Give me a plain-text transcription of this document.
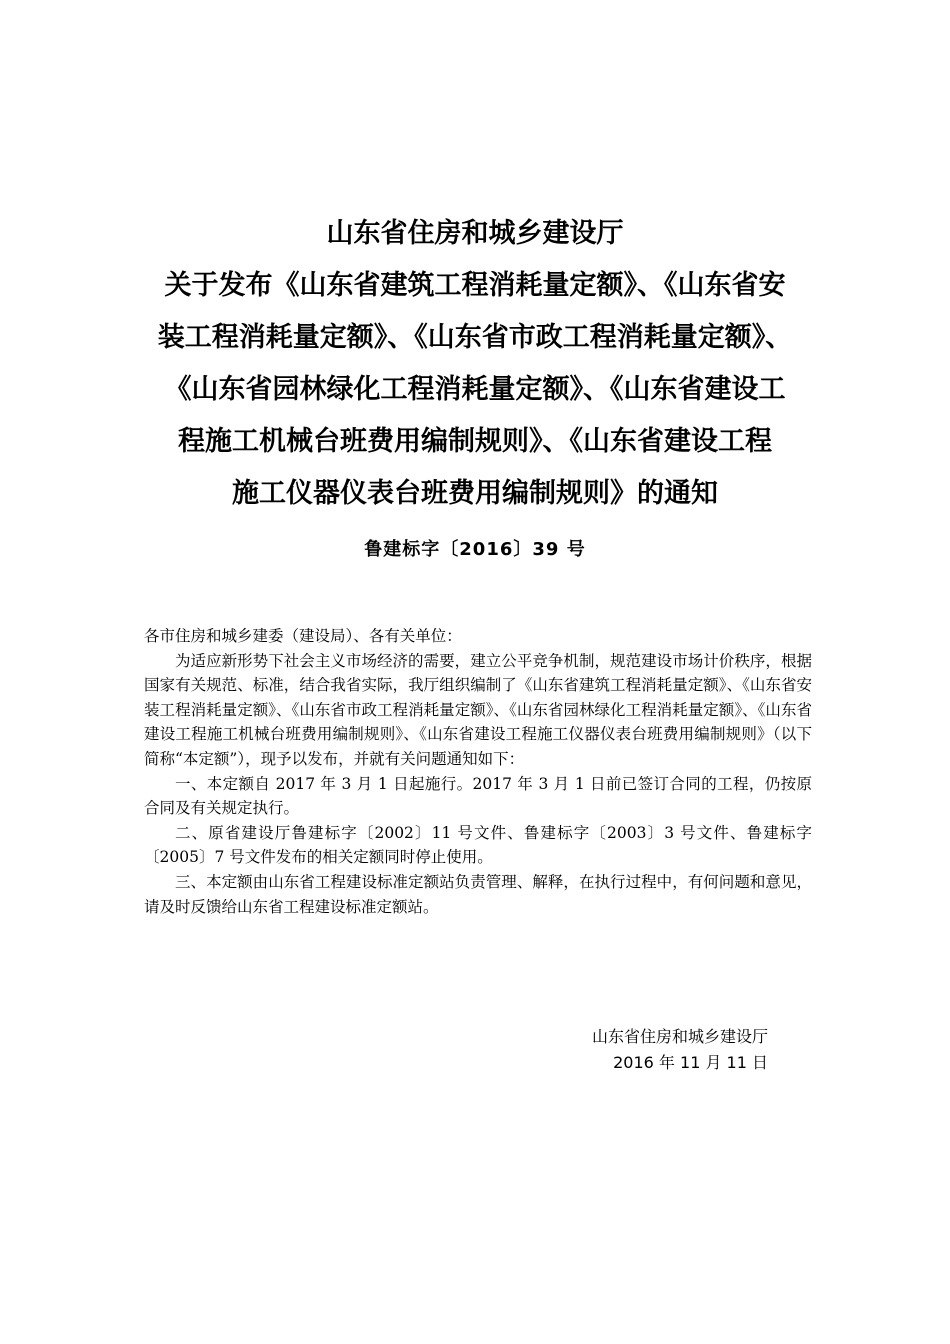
山东省住房和城乡建设厅
关于发布《山东省建筑工程消耗量定额》、《山东省安
装工程消耗量定额》、《山东省市政工程消耗量定额》、
《山东省园林绿化工程消耗量定额》、《山东省建设工
程施工机械台班费用编制规则》、《山东省建设工程
施工仪器仪表台班费用编制规则》的通知
鲁建标字〔2016〕39 号

各市住房和城乡建委（建设局）、各有关单位：

为适应新形势下社会主义市场经济的需要，建立公平竞争机制，规范建设市场计价秩序，根据国家有关规范、标准，结合我省实际，我厅组织编制了《山东省建筑工程消耗量定额》、《山东省安装工程消耗量定额》、《山东省市政工程消耗量定额》、《山东省园林绿化工程消耗量定额》、《山东省建设工程施工机械台班费用编制规则》、《山东省建设工程施工仪器仪表台班费用编制规则》（以下简称“本定额”），现予以发布，并就有关问题通知如下：

一、本定额自 2017 年 3 月 1 日起施行。2017 年 3 月 1 日前已签订合同的工程，仍按原合同及有关规定执行。

二、原省建设厅鲁建标字〔2002〕11 号文件、鲁建标字〔2003〕3 号文件、鲁建标字〔2005〕7 号文件发布的相关定额同时停止使用。

三、本定额由山东省工程建设标准定额站负责管理、解释，在执行过程中，有何问题和意见，请及时反馈给山东省工程建设标准定额站。

山东省住房和城乡建设厅
2016 年 11 月 11 日
